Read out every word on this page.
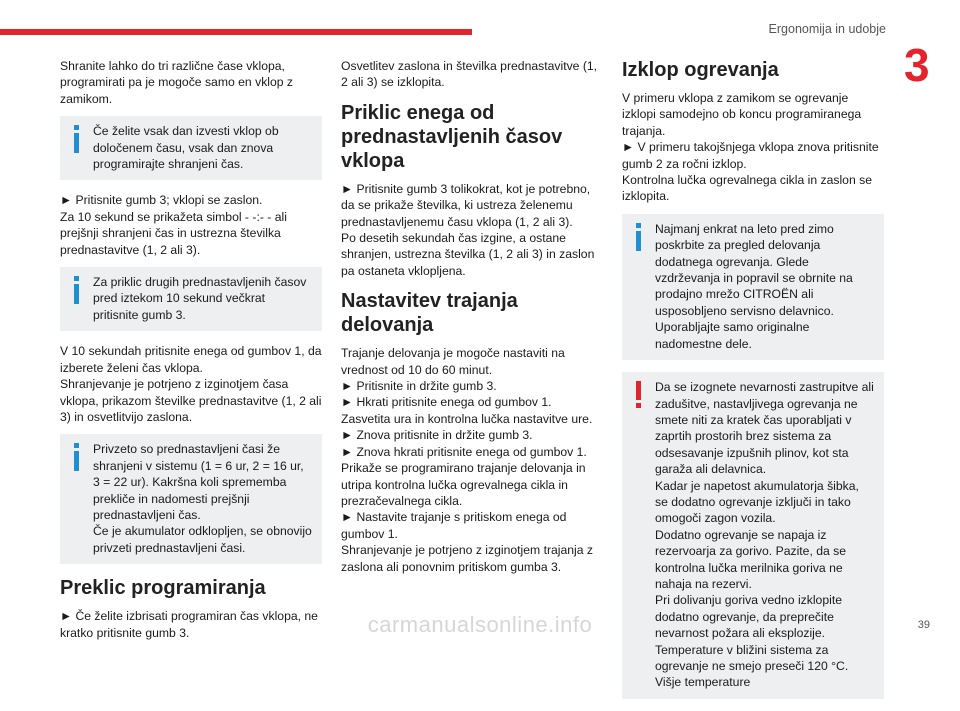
Ergonomija in udobje
3

Shranite lahko do tri različne čase vklopa, programirati pa je mogoče samo en vklop z zamikom.

Če želite vsak dan izvesti vklop ob določenem času, vsak dan znova programirajte shranjeni čas.

► Pritisnite gumb 3; vklopi se zaslon.
Za 10 sekund se prikažeta simbol - -:- - ali prejšnji shranjeni čas in ustrezna številka prednastavitve (1, 2 ali 3).

Za priklic drugih prednastavljenih časov pred iztekom 10 sekund večkrat pritisnite gumb 3.

V 10 sekundah pritisnite enega od gumbov 1, da izberete želeni čas vklopa.
Shranjevanje je potrjeno z izginotjem časa vklopa, prikazom številke prednastavitve (1, 2 ali 3) in osvetlitvijo zaslona.

Privzeto so prednastavljeni časi že shranjeni v sistemu (1 = 6 ur, 2 = 16 ur, 3 = 22 ur). Kakršna koli sprememba prekliče in nadomesti prejšnji prednastavljeni čas.
Če je akumulator odklopljen, se obnovijo privzeti prednastavljeni časi.
Preklic programiranja

► Če želite izbrisati programiran čas vklopa, ne kratko pritisnite gumb 3.

Osvetlitev zaslona in številka prednastavitve (1, 2 ali 3) se izklopita.

Priklic enega od prednastavljenih časov vklopa

► Pritisnite gumb 3 tolikokrat, kot je potrebno, da se prikaže številka, ki ustreza želenemu prednastavljenemu času vklopa (1, 2 ali 3).
Po desetih sekundah čas izgine, a ostane shranjen, ustrezna številka (1, 2 ali 3) in zaslon pa ostaneta vklopljena.

Nastavitev trajanja delovanja

Trajanje delovanja je mogoče nastaviti na vrednost od 10 do 60 minut.
► Pritisnite in držite gumb 3.
► Hkrati pritisnite enega od gumbov 1.
Zasvetita ura in kontrolna lučka nastavitve ure.
► Znova pritisnite in držite gumb 3.
► Znova hkrati pritisnite enega od gumbov 1.
Prikaže se programirano trajanje delovanja in utripa kontrolna lučka ogrevalnega cikla in prezračevalnega cikla.
► Nastavite trajanje s pritiskom enega od gumbov 1.
Shranjevanje je potrjeno z izginotjem trajanja z zaslona ali ponovnim pritiskom gumba 3.

Izklop ogrevanja

V primeru vklopa z zamikom se ogrevanje izklopi samodejno ob koncu programiranega trajanja.
► V primeru takojšnjega vklopa znova pritisnite gumb 2 za ročni izklop.
Kontrolna lučka ogrevalnega cikla in zaslon se izklopita.

Najmanj enkrat na leto pred zimo poskrbite za pregled delovanja dodatnega ogrevanja. Glede vzdrževanja in popravil se obrnite na prodajno mrežo CITROËN ali usposobljeno servisno delavnico.
Uporabljajte samo originalne nadomestne dele.
Da se izognete nevarnosti zastrupitve ali zadušitve, nastavljivega ogrevanja ne smete niti za kratek čas uporabljati v zaprtih prostorih brez sistema za odsesavanje izpušnih plinov, kot sta garaža ali delavnica.
Kadar je napetost akumulatorja šibka, se dodatno ogrevanje izključi in tako omogoči zagon vozila.
Dodatno ogrevanje se napaja iz rezervoarja za gorivo. Pazite, da se kontrolna lučka merilnika goriva ne nahaja na rezervi.
Pri dolivanju goriva vedno izklopite dodatno ogrevanje, da preprečite nevarnost požara ali eksplozije.
Temperature v bližini sistema za ogrevanje ne smejo preseči 120 °C. Višje temperature
carmanualsonline.info	39
